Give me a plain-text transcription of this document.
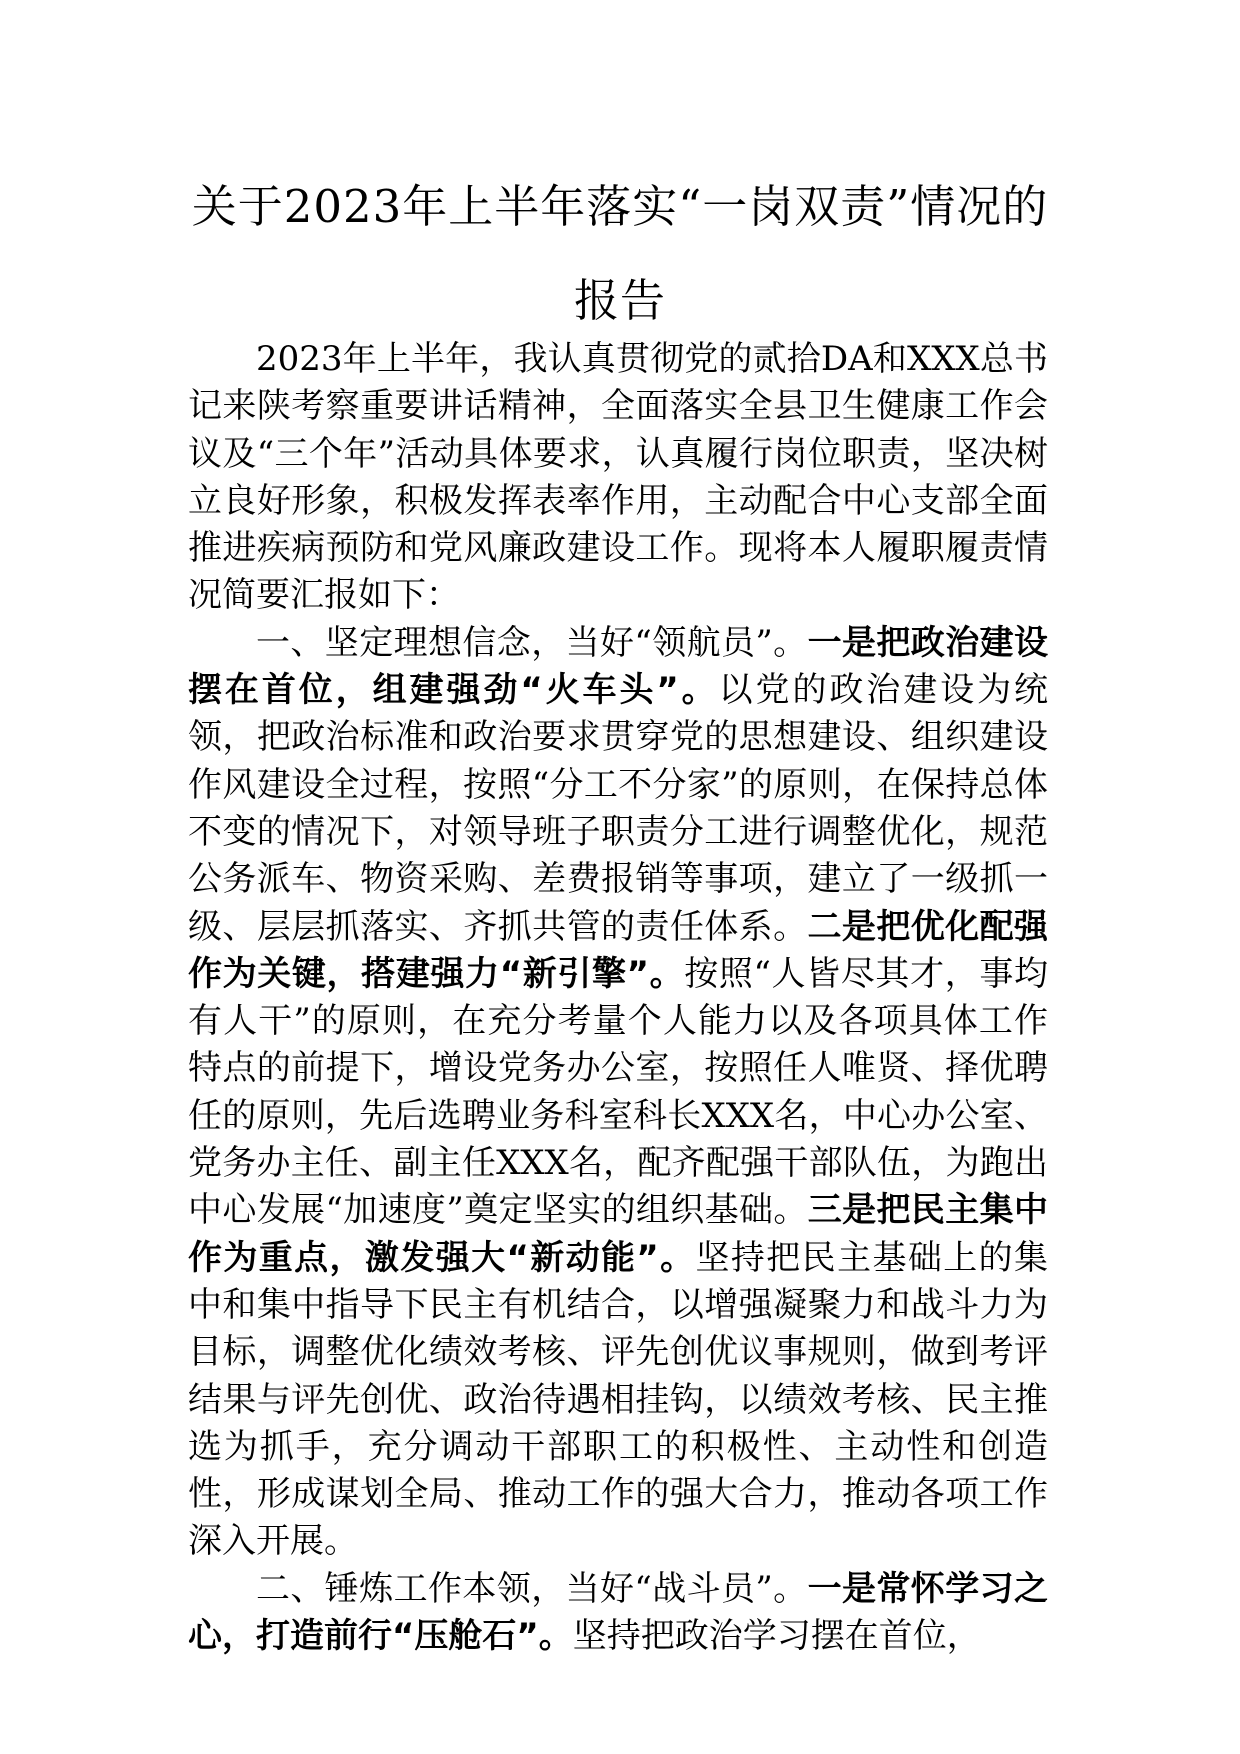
关于2023年上半年落实“一岗双责”情况的报告

2023年上半年，我认真贯彻党的贰拾DA和XXX总书记来陕考察重要讲话精神，全面落实全县卫生健康工作会议及“三个年”活动具体要求，认真履行岗位职责，坚决树立良好形象，积极发挥表率作用，主动配合中心支部全面推进疾病预防和党风廉政建设工作。现将本人履职履责情况简要汇报如下：

一、坚定理想信念，当好“领航员”。一是把政治建设摆在首位，组建强劲“火车头”。以党的政治建设为统领，把政治标准和政治要求贯穿党的思想建设、组织建设作风建设全过程，按照“分工不分家”的原则，在保持总体不变的情况下，对领导班子职责分工进行调整优化，规范公务派车、物资采购、差费报销等事项，建立了一级抓一级、层层抓落实、齐抓共管的责任体系。二是把优化配强作为关键，搭建强力“新引擎”。按照“人皆尽其才，事均有人干”的原则，在充分考量个人能力以及各项具体工作特点的前提下，增设党务办公室，按照任人唯贤、择优聘任的原则，先后选聘业务科室科长XXX名，中心办公室、党务办主任、副主任XXX名，配齐配强干部队伍，为跑出中心发展“加速度”奠定坚实的组织基础。三是把民主集中作为重点，激发强大“新动能”。坚持把民主基础上的集中和集中指导下民主有机结合，以增强凝聚力和战斗力为目标，调整优化绩效考核、评先创优议事规则，做到考评结果与评先创优、政治待遇相挂钩，以绩效考核、民主推选为抓手，充分调动干部职工的积极性、主动性和创造性，形成谋划全局、推动工作的强大合力，推动各项工作深入开展。

二、锤炼工作本领，当好“战斗员”。一是常怀学习之心，打造前行“压舱石”。坚持把政治学习摆在首位，
